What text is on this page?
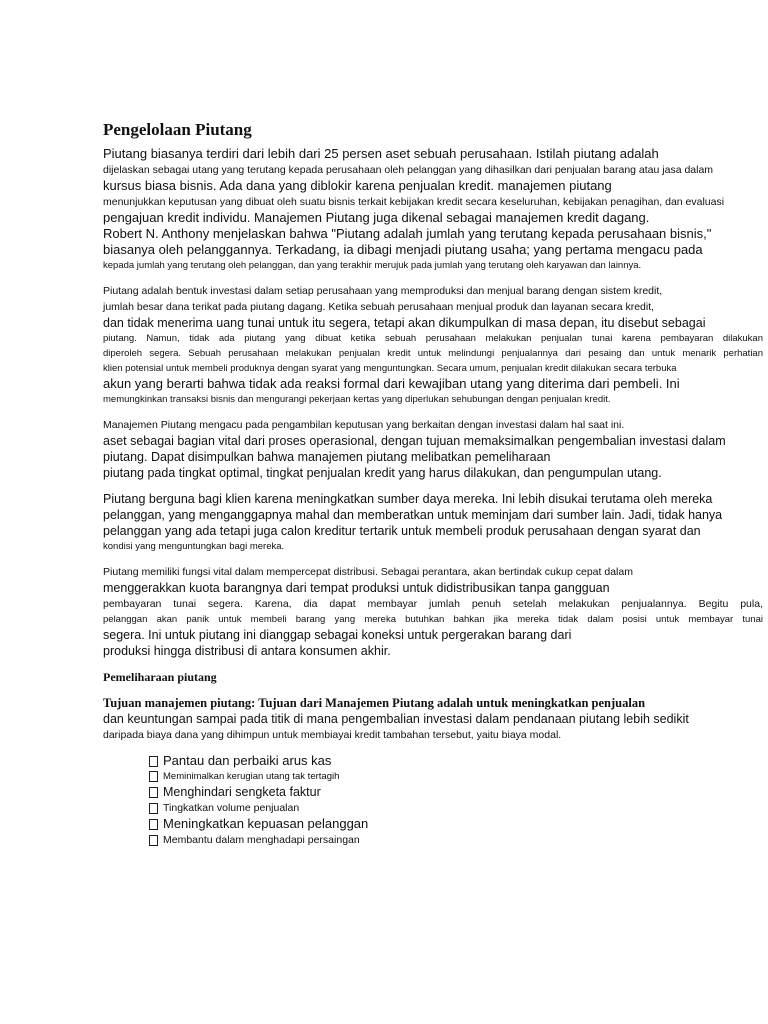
Pengelolaan Piutang

Piutang biasanya terdiri dari lebih dari 25 persen aset sebuah perusahaan. Istilah piutang adalah

dijelaskan sebagai utang yang terutang kepada perusahaan oleh pelanggan yang dihasilkan dari penjualan barang atau jasa dalam

kursus biasa bisnis. Ada dana yang diblokir karena penjualan kredit. manajemen piutang

menunjukkan keputusan yang dibuat oleh suatu bisnis terkait kebijakan kredit secara keseluruhan, kebijakan penagihan, dan evaluasi

pengajuan kredit individu. Manajemen Piutang juga dikenal sebagai manajemen kredit dagang.

Robert N. Anthony menjelaskan bahwa "Piutang adalah jumlah yang terutang kepada perusahaan bisnis,"

biasanya oleh pelanggannya. Terkadang, ia dibagi menjadi piutang usaha; yang pertama mengacu pada

kepada jumlah yang terutang oleh pelanggan, dan yang terakhir merujuk pada jumlah yang terutang oleh karyawan dan lainnya.

Piutang adalah bentuk investasi dalam setiap perusahaan yang memproduksi dan menjual barang dengan sistem kredit,

jumlah besar dana terikat pada piutang dagang. Ketika sebuah perusahaan menjual produk dan layanan secara kredit,

dan tidak menerima uang tunai untuk itu segera, tetapi akan dikumpulkan di masa depan, itu disebut sebagai

piutang. Namun, tidak ada piutang yang dibuat ketika sebuah perusahaan melakukan penjualan tunai karena pembayaran dilakukan

diperoleh segera. Sebuah perusahaan melakukan penjualan kredit untuk melindungi penjualannya dari pesaing dan untuk menarik perhatian

klien potensial untuk membeli produknya dengan syarat yang menguntungkan. Secara umum, penjualan kredit dilakukan secara terbuka

akun yang berarti bahwa tidak ada reaksi formal dari kewajiban utang yang diterima dari pembeli. Ini

memungkinkan transaksi bisnis dan mengurangi pekerjaan kertas yang diperlukan sehubungan dengan penjualan kredit.

Manajemen Piutang mengacu pada pengambilan keputusan yang berkaitan dengan investasi dalam hal saat ini.

aset sebagai bagian vital dari proses operasional, dengan tujuan memaksimalkan pengembalian investasi dalam

piutang. Dapat disimpulkan bahwa manajemen piutang melibatkan pemeliharaan

piutang pada tingkat optimal, tingkat penjualan kredit yang harus dilakukan, dan pengumpulan utang.

Piutang berguna bagi klien karena meningkatkan sumber daya mereka. Ini lebih disukai terutama oleh mereka

pelanggan, yang menganggapnya mahal dan memberatkan untuk meminjam dari sumber lain. Jadi, tidak hanya

pelanggan yang ada tetapi juga calon kreditur tertarik untuk membeli produk perusahaan dengan syarat dan

kondisi yang menguntungkan bagi mereka.

Piutang memiliki fungsi vital dalam mempercepat distribusi. Sebagai perantara, akan bertindak cukup cepat dalam

menggerakkan kuota barangnya dari tempat produksi untuk didistribusikan tanpa gangguan

pembayaran tunai segera. Karena, dia dapat membayar jumlah penuh setelah melakukan penjualannya. Begitu pula,

pelanggan akan panik untuk membeli barang yang mereka butuhkan bahkan jika mereka tidak dalam posisi untuk membayar tunai

segera. Ini untuk piutang ini dianggap sebagai koneksi untuk pergerakan barang dari

produksi hingga distribusi di antara konsumen akhir.

Pemeliharaan piutang

Tujuan manajemen piutang: Tujuan dari Manajemen Piutang adalah untuk meningkatkan penjualan

dan keuntungan sampai pada titik di mana pengembalian investasi dalam pendanaan piutang lebih sedikit

daripada biaya dana yang dihimpun untuk membiayai kredit tambahan tersebut, yaitu biaya modal.

Pantau dan perbaiki arus kas
Meminimalkan kerugian utang tak tertagih
Menghindari sengketa faktur
Tingkatkan volume penjualan
Meningkatkan kepuasan pelanggan
Membantu dalam menghadapi persaingan
